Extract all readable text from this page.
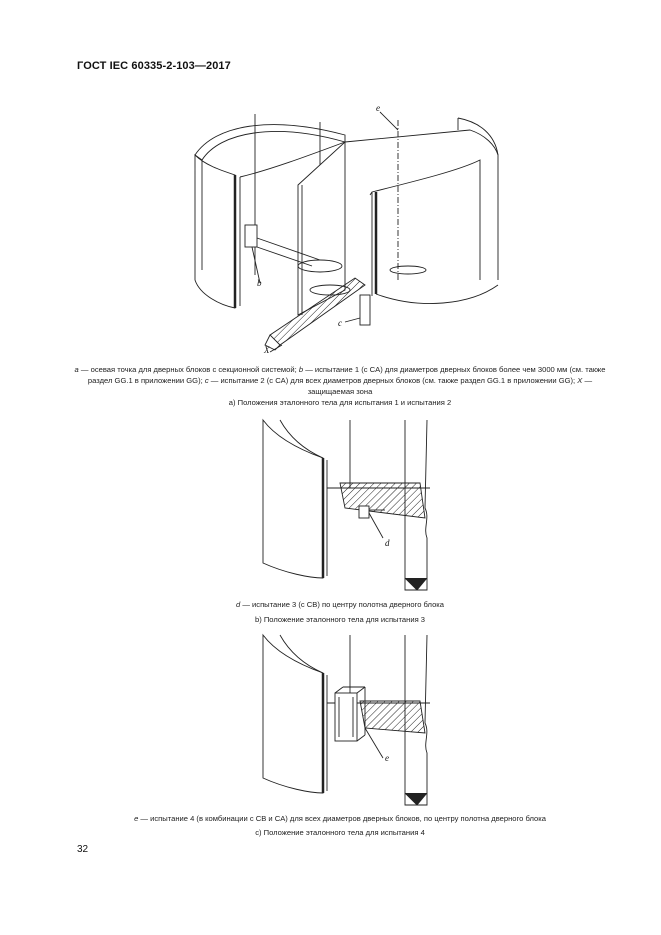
ГОСТ IEC 60335-2-103—2017
b
c
e
X
a — осевая точка для дверных блоков с секционной системой; b — испытание 1 (с CA) для диаметров дверных блоков более чем 3000 мм (см. также раздел GG.1 в приложении GG); c — испытание 2 (с CA) для всех диаметров дверных блоков (см. также раздел GG.1 в приложении GG); X — защищаемая зона
а) Положения эталонного тела для испытания 1 и испытания 2
d
d — испытание 3 (с CB) по центру полотна дверного блока
b) Положение эталонного тела для испытания 3
e
e — испытание 4 (в комбинации с CB и CA) для всех диаметров дверных блоков, по центру полотна дверного блока
с) Положение эталонного тела для испытания 4
32
